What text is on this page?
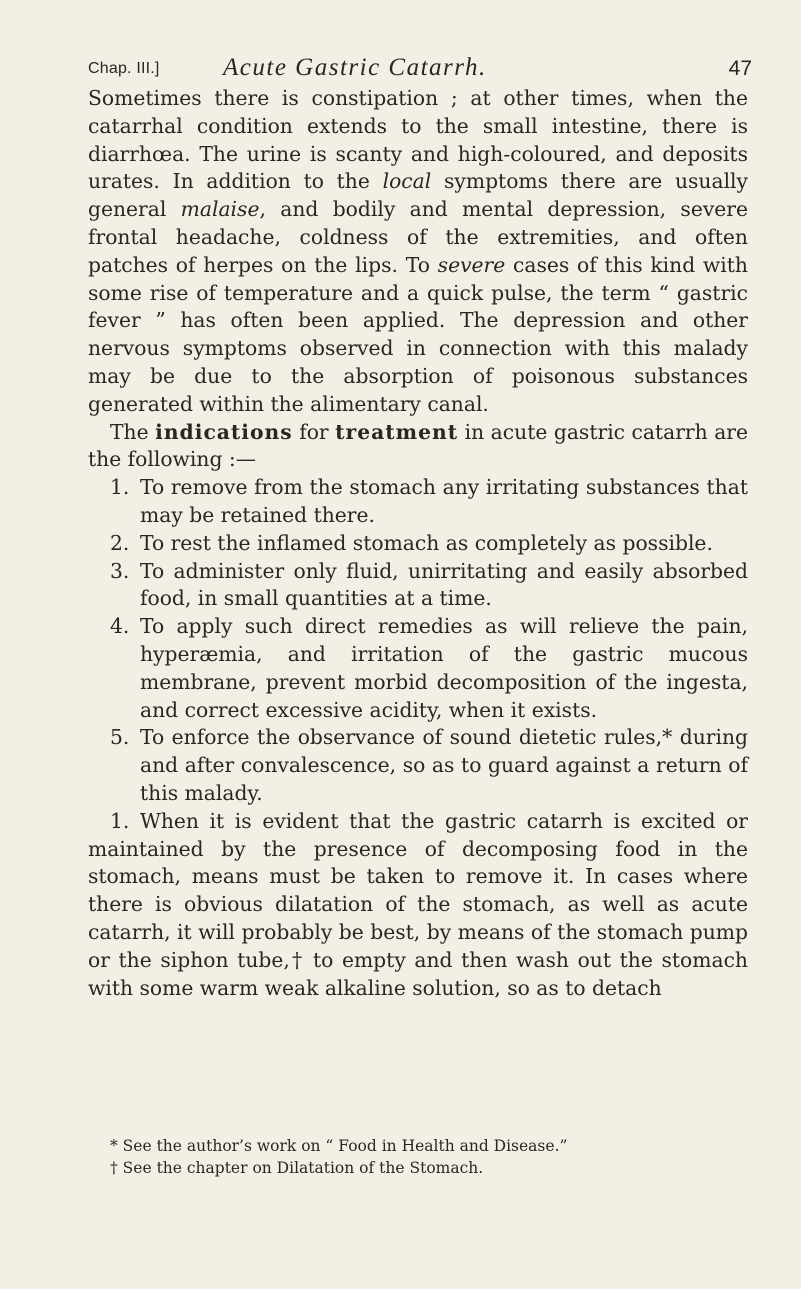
Chap. III.]	Acute Gastric Catarrh.	47

Sometimes there is constipation ; at other times, when the catarrhal condition extends to the small intestine, there is diarrhœa. The urine is scanty and high-coloured, and deposits urates. In addition to the local symptoms there are usually general malaise, and bodily and mental depression, severe frontal headache, coldness of the extremities, and often patches of herpes on the lips. To severe cases of this kind with some rise of temperature and a quick pulse, the term “ gastric fever ” has often been applied. The depression and other nervous symptoms observed in connection with this malady may be due to the absorption of poisonous substances generated within the alimentary canal.

The indications for treatment in acute gastric catarrh are the following :—

1. To remove from the stomach any irritating substances that may be retained there.
2. To rest the inflamed stomach as completely as possible.
3. To administer only fluid, unirritating and easily absorbed food, in small quantities at a time.
4. To apply such direct remedies as will relieve the pain, hyperæmia, and irritation of the gastric mucous membrane, prevent morbid decomposition of the ingesta, and correct excessive acidity, when it exists.
5. To enforce the observance of sound dietetic rules,* during and after convalescence, so as to guard against a return of this malady.

1. When it is evident that the gastric catarrh is excited or maintained by the presence of decomposing food in the stomach, means must be taken to remove it. In cases where there is obvious dilatation of the stomach, as well as acute catarrh, it will probably be best, by means of the stomach pump or the siphon tube,† to empty and then wash out the stomach with some warm weak alkaline solution, so as to detach

* See the author’s work on “ Food in Health and Disease.”
† See the chapter on Dilatation of the Stomach.
